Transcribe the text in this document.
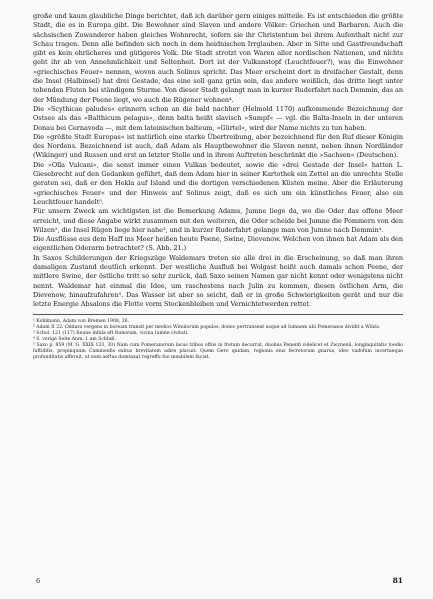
große und kaum glaubliche Dinge berichtet, daß ich darüber gern einiges mitteile. Es ist entschieden die größte Stadt, die es in Europa gibt. Die Bewohner sind Slaven und andere Völker: Griechen und Barbaren. Auch die sächsischen Zuwanderer haben gleiches Wohnrecht, sofern sie ihr Christentum bei ihrem Aufenthalt nicht zur Schau tragen. Denn alle befinden sich noch in dem heidnischen Irrglauben. Aber in Sitte und Gastfreundschaft gibt es kein ehrlicheres und gütigeres Volk. Die Stadt strotzt von Waren aller nordischen Nationen, und nichts geht ihr ab von Annehmlichkeit und Seltenheit. Dort ist der Vulkanstopf (Leuchtfeuer?), was die Einwohner »griechisches Feuer« nennen, wovon auch Solinus spricht. Das Meer erscheint dort in dreifacher Gestalt, denn die Insel (Halbinsel) hat drei Gestade, das eine soll ganz grün sein, das andere weißlich, das dritte liegt unter tobenden Fluten bei ständigem Sturme. Von dieser Stadt gelangt man in kurzer Ruderfahrt nach Demmin, das an der Mündung der Peene liegt, wo auch die Rügener wohnen⁴.

Die »Scythicae paludes« erinnern schon an die bald nachher (Helmold 1170) aufkommende Bezeichnung der Ostsee als das »Balthicum pelagus«, denn balta heißt slavisch »Sumpf« — vgl. die Balta-Inseln in der unteren Donau bei Cernavoda —, mit dem lateinischen balteum, »Gürtel«, wird der Name nichts zu tun haben.

Die »größte Stadt Europas« ist natürlich eine starke Übertreibung, aber bezeichnend für den Ruf dieser Königin des Nordens. Bezeichnend ist auch, daß Adam als Hauptbewohner die Slaven nennt, neben ihnen Nordländer (Wikinger) und Russen und erst an letzter Stelle und in ihrem Auftreten beschränkt die »Sachsen« (Deutschen).

Die »Olla Vulcani«, die sonst immer einen Vulkan bedeutet, sowie die »drei Gestade der Insel« hatten L. Giesebrecht auf den Gedanken geführt, daß dem Adam hier in seiner Kartothek ein Zettel an die unrechte Stelle geraten sei, daß er den Hekla auf Island und die dortigen verschiedenen Küsten meine. Aber die Erläuterung »griechisches Feuer« und der Hinweis auf Solinus zeigt, daß es sich um ein künstliches Feuer, also ein Leuchtfeuer handelt⁵.

Für unsern Zweck am wichtigsten ist die Bemerkung Adams, Jumne liege da, wo die Oder das offene Meer erreicht, und diese Angabe wirkt zusammen mit den weiteren, die Oder scheide bei Jumne die Pommern von den Wilzen², die Insel Rügen liege hier nahe³, und in kurzer Ruderfahrt gelange man von Jumne nach Demmin⁴.

Die Ausflüsse aus dem Haff ins Meer heißen heute Peene, Swine, Dievenow. Welchen von ihnen hat Adam als den eigentlichen Oderarm betrachtet? (S. Abb. 21.)

In Saxos Schilderungen der Kriegszüge Waldemars treten sie alle drei in die Erscheinung, so daß man ihren damaligen Zustand deutlich erkennt. Der westliche Ausfluß bei Wolgast heißt auch damals schon Peene, der mittlere Swine, der östliche tritt so sehr zurück, daß Saxo seinen Namen gar nicht kennt oder wenigstens nicht nennt. Waldemar hat einmal die Idee, um raschestens nach Julin zu kommen, diesen östlichen Arm, die Dievenow, hinaufzufahren⁵. Das Wasser ist aber so seicht, daß er in große Schwierigkeiten gerät und nur die letzte Energie Absalons die Flotte vorm Steckenbleiben und Vernichtetwerden rettet.

¹ Kohlmann, Adam von Bremen 1908, 26.
² Adam II 22. Oddara vergens in boream transit per medios Winulorum populos, donec pertranseat usque ad Iumnem ubi Pomeranos dividit a Wilzis.
³ Schol. 121 (117) Reune infula eft Runorum, vicina Iumne civitati.
⁴ S. vorige Seite Anm. 1 am Schluß.
⁵ Saxo p. 859 (M. G. XXIX 133, 30) Nam cum Pomeranorum lacus tribus oftiis in fretum decurrat, duobus Penenfi videlicet et Zwyneníi, longinquitatis toedio faftiditis, propinquum Caminenfis exitus brevitatem adire placuit. Quem Gero quidam, regionis eius fecretorum gnarus, ideo vadofum incertaeque profunditatis afferuit, ut eum aeftus dumtaxat regreffu fuo meabilem faciat.
6	81
